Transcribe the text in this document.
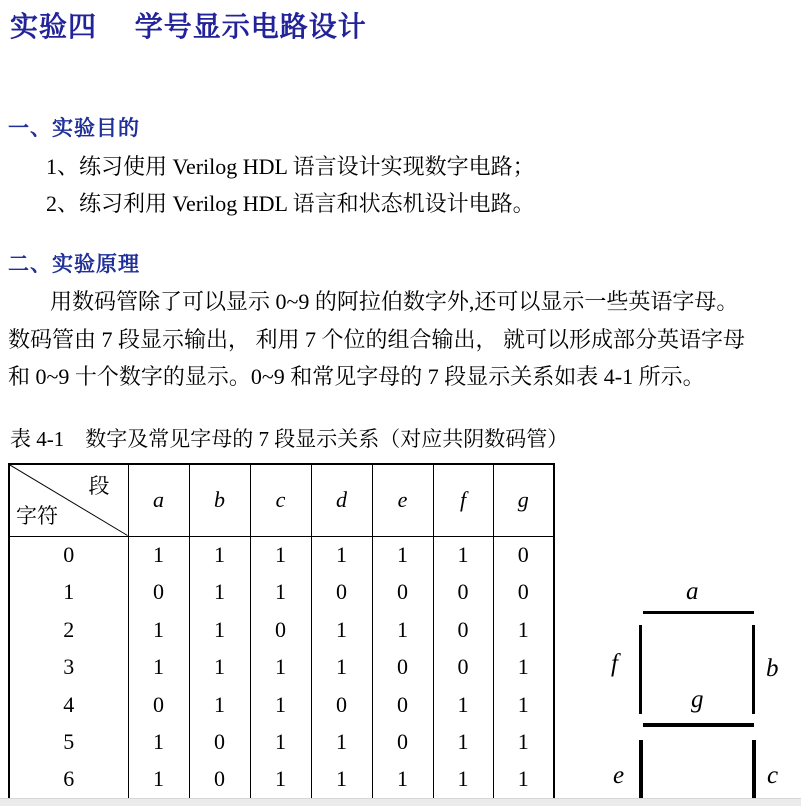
实验四　 学号显示电路设计
一、实验目的
1、练习使用 Verilog HDL 语言设计实现数字电路；
2、练习利用 Verilog HDL 语言和状态机设计电路。
二、实验原理
用数码管除了可以显示 0~9 的阿拉伯数字外,还可以显示一些英语字母。
数码管由 7 段显示输出， 利用 7 个位的组合输出， 就可以形成部分英语字母
和 0~9 十个数字的显示。0~9 和常见字母的 7 段显示关系如表 4-1 所示。
表 4-1　数字及常见字母的 7 段显示关系（对应共阴数码管）
段
字符	a	b	c	d	e	f	g
0	1	1	1	1	1	1	0
1	0	1	1	0	0	0	0
2	1	1	0	1	1	0	1
3	1	1	1	1	0	0	1
4	0	1	1	0	0	1	1
5	1	0	1	1	0	1	1
6	1	0	1	1	1	1	1
a
f	b
g
e	c
